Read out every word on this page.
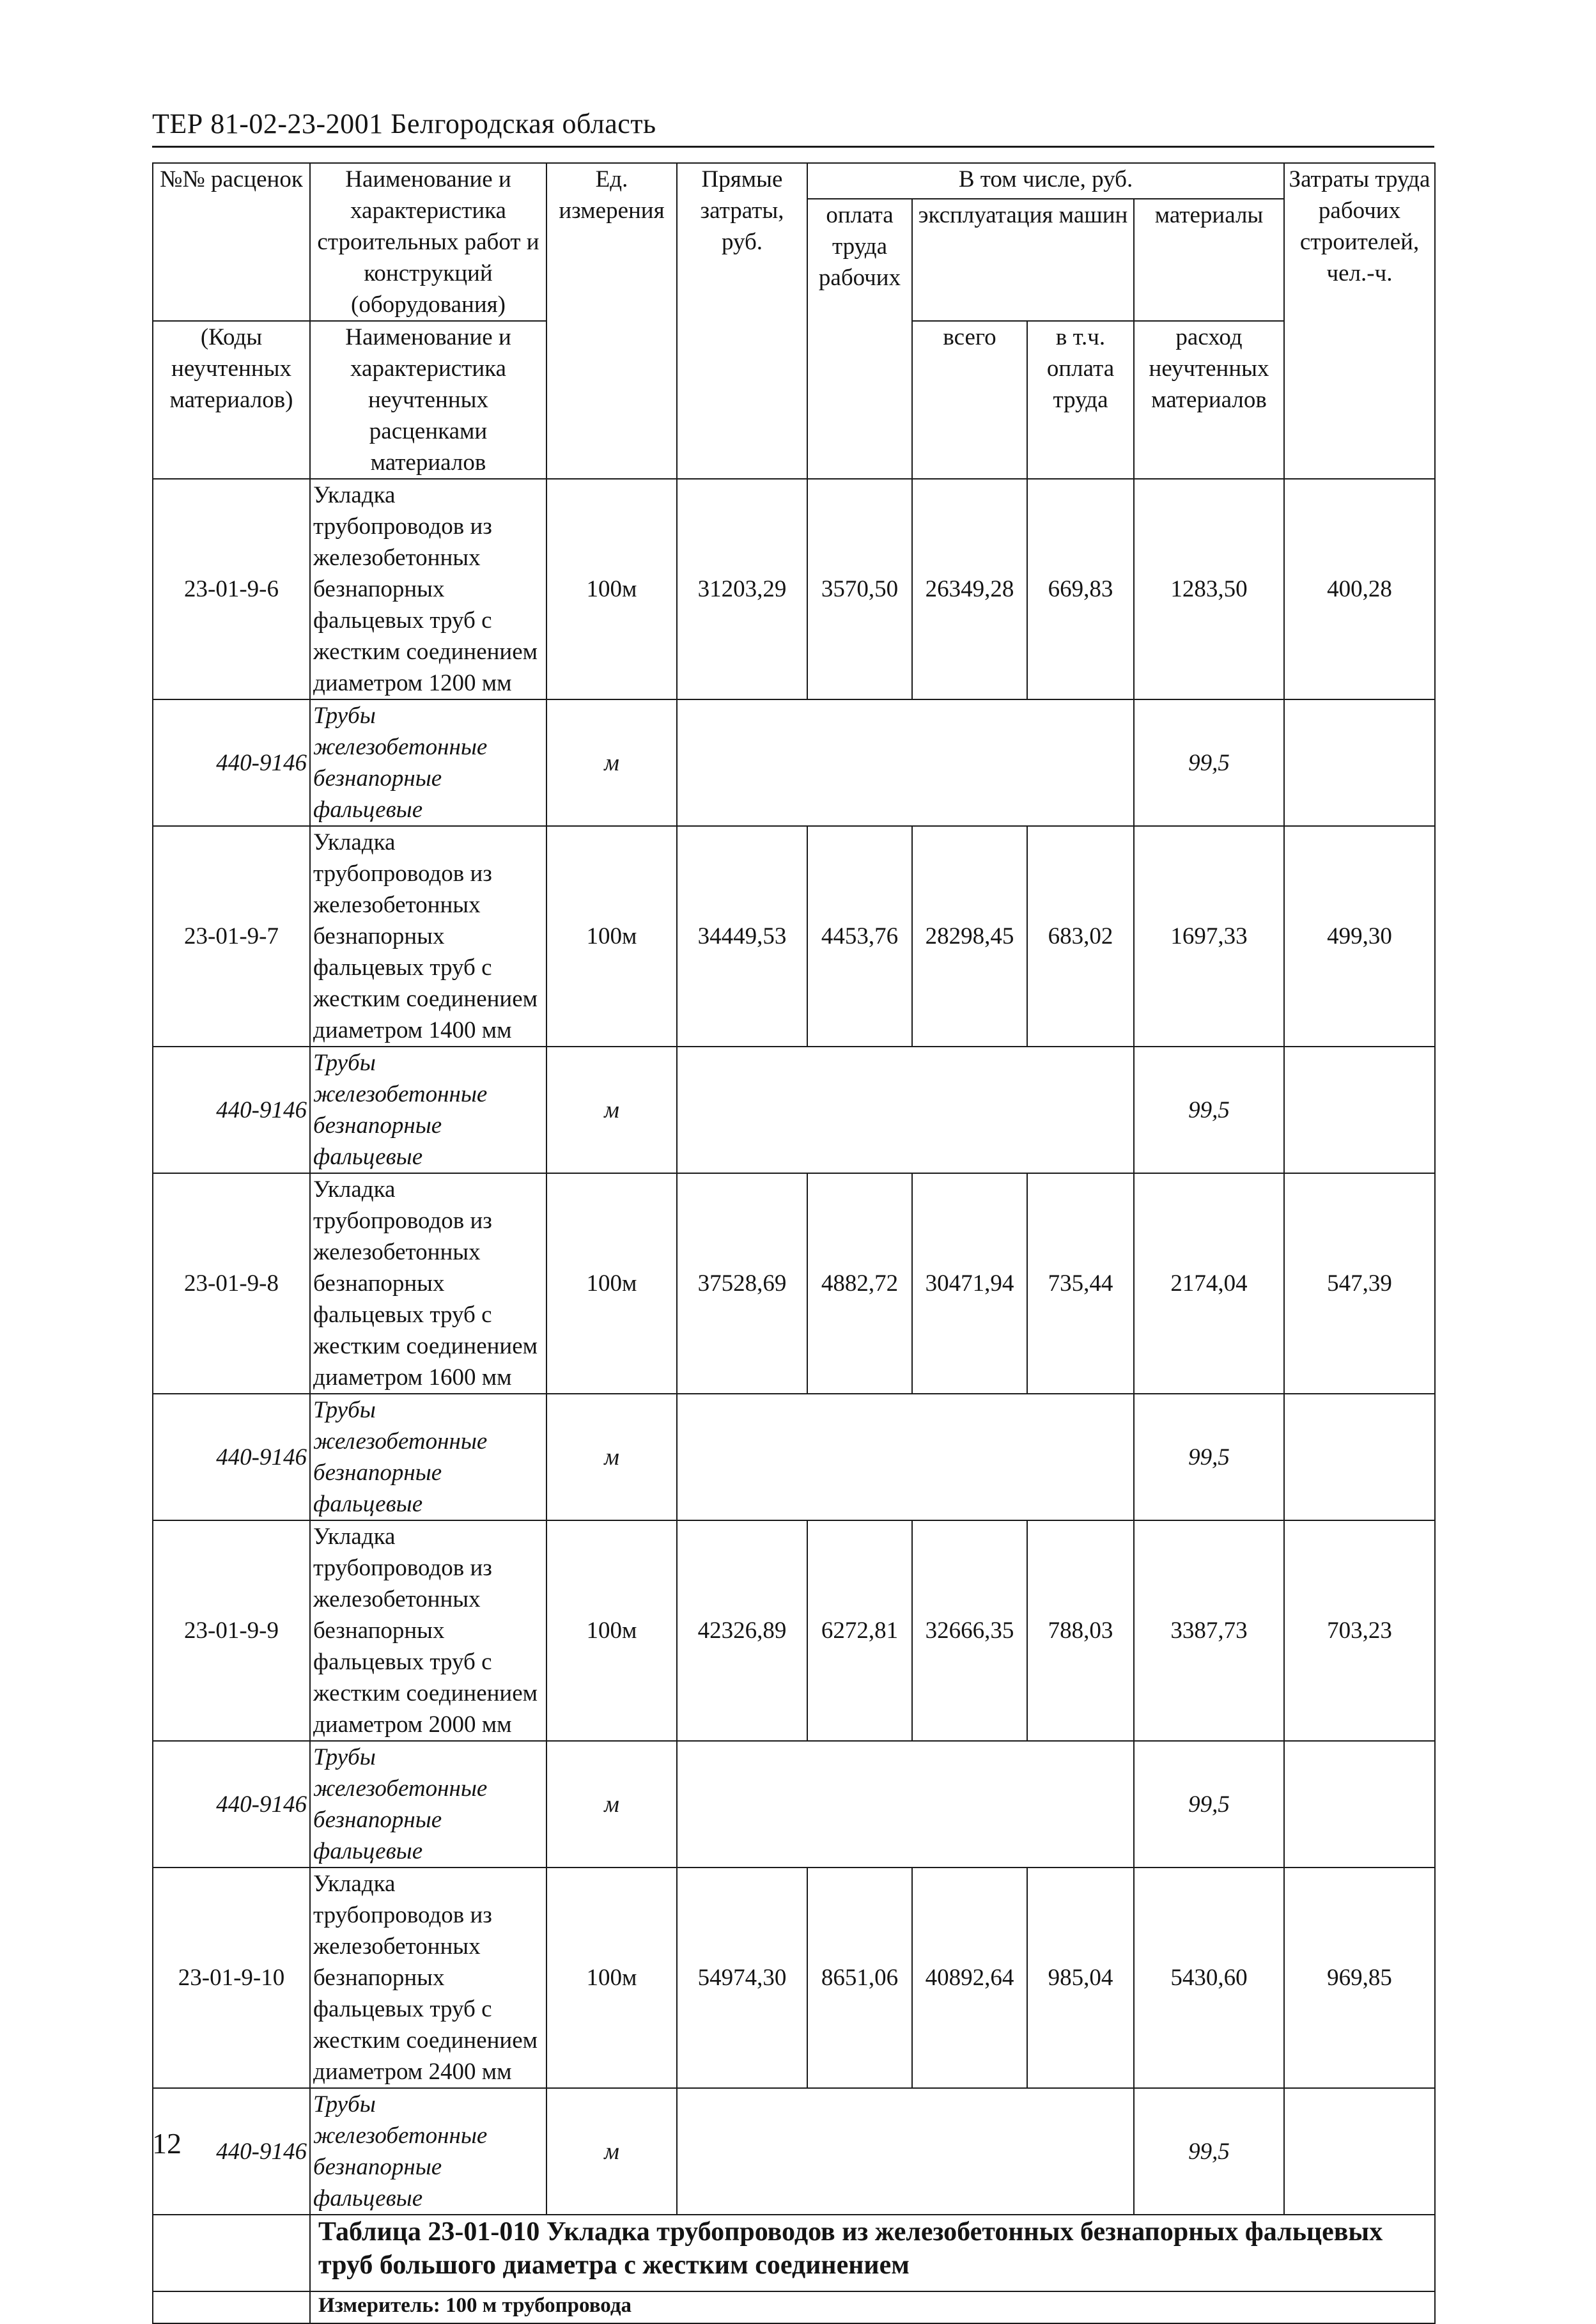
ТЕР 81-02-23-2001 Белгородская область
№№ расценок	Наименование и характеристика строительных работ и конструкций (оборудования)	Ед. измерения	Прямые затраты, руб.	В том числе, руб.				Затраты труда рабочих строителей, чел.-ч.
				оплата труда рабочих	эксплуатация машин		материалы	
(Коды неучтенных материалов)	Наименование и характеристика неучтенных расценками материалов				всего	в т.ч. оплата труда	расход неучтенных материалов	

23-01-9-6	Укладка трубопроводов из железобетонных безнапорных фальцевых труб с жестким соединением диаметром 1200 мм	100м	31203,29	3570,50	26349,28	669,83	1283,50	400,28
440-9146	Трубы железобетонные безнапорные фальцевые	м					99,5	
23-01-9-7	Укладка трубопроводов из железобетонных безнапорных фальцевых труб с жестким соединением диаметром 1400 мм	100м	34449,53	4453,76	28298,45	683,02	1697,33	499,30
440-9146	Трубы железобетонные безнапорные фальцевые	м					99,5	
23-01-9-8	Укладка трубопроводов из железобетонных безнапорных фальцевых труб с жестким соединением диаметром 1600 мм	100м	37528,69	4882,72	30471,94	735,44	2174,04	547,39
440-9146	Трубы железобетонные безнапорные фальцевые	м					99,5	
23-01-9-9	Укладка трубопроводов из железобетонных безнапорных фальцевых труб с жестким соединением диаметром 2000 мм	100м	42326,89	6272,81	32666,35	788,03	3387,73	703,23
440-9146	Трубы железобетонные безнапорные фальцевые	м					99,5	
23-01-9-10	Укладка трубопроводов из железобетонных безнапорных фальцевых труб с жестким соединением диаметром 2400 мм	100м	54974,30	8651,06	40892,64	985,04	5430,60	969,85
440-9146	Трубы железобетонные безнапорные фальцевые	м					99,5	
	Таблица 23-01-010 Укладка трубопроводов из железобетонных безнапорных фальцевых труб большого диаметра с жестким соединением							
	Измеритель: 100 м трубопровода							
12
